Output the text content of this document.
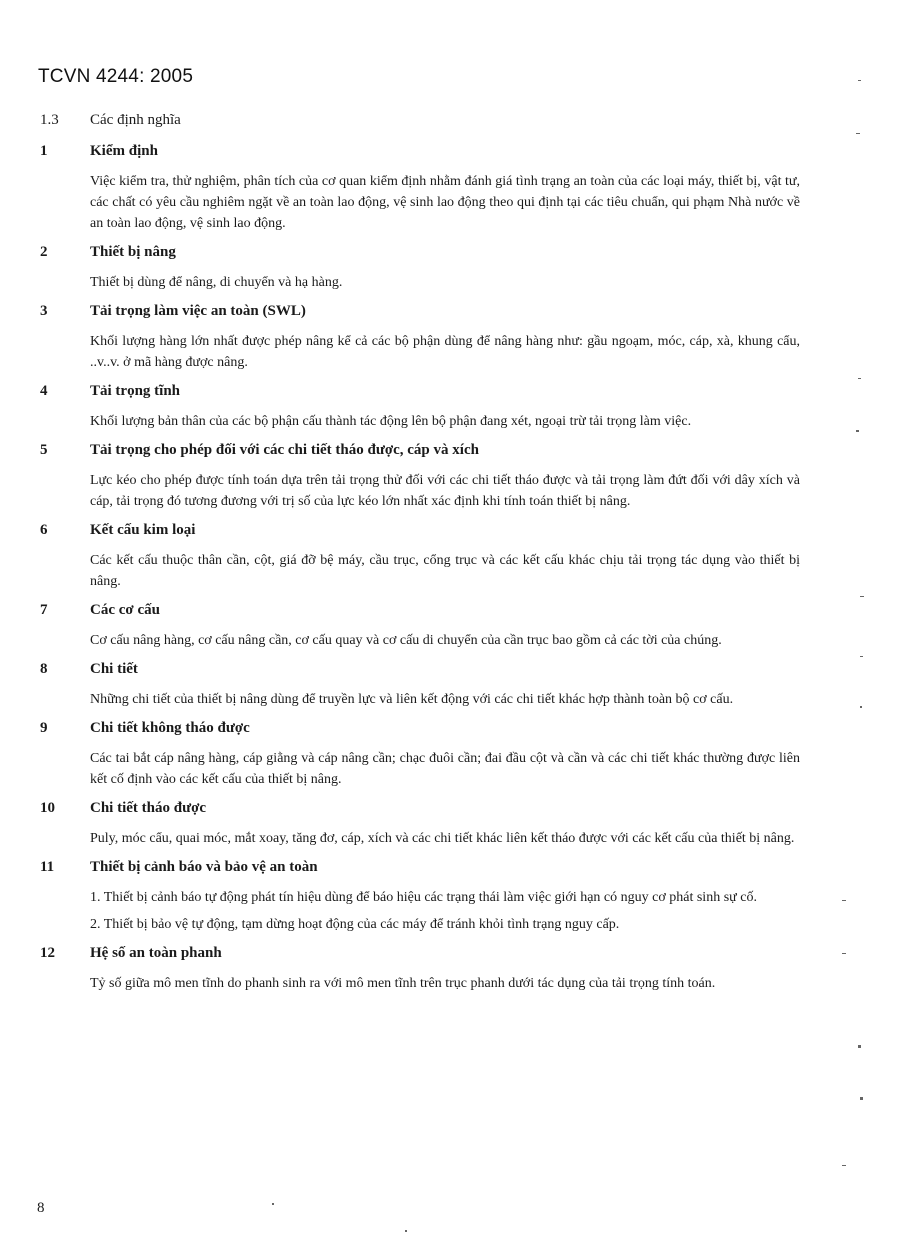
TCVN 4244: 2005
1.3 Các định nghĩa
1	Kiểm định

Việc kiểm tra, thử nghiệm, phân tích của cơ quan kiểm định nhằm đánh giá tình trạng an toàn của các loại máy, thiết bị, vật tư, các chất có yêu cầu nghiêm ngặt về an toàn lao động, vệ sinh lao động theo qui định tại các tiêu chuẩn, qui phạm Nhà nước về an toàn lao động, vệ sinh lao động.

2	Thiết bị nâng

Thiết bị dùng để nâng, di chuyển và hạ hàng.

3	Tải trọng làm việc an toàn (SWL)

Khối lượng hàng lớn nhất được phép nâng kể cả các bộ phận dùng để nâng hàng như: gầu ngoạm, móc, cáp, xà, khung cẩu, ..v..v. ở mã hàng được nâng.

4	Tải trọng tĩnh

Khối lượng bản thân của các bộ phận cấu thành tác động lên bộ phận đang xét, ngoại trừ tải trọng làm việc.

5	Tải trọng cho phép đối với các chi tiết tháo được, cáp và xích

Lực kéo cho phép được tính toán dựa trên tải trọng thử đối với các chi tiết tháo được và tải trọng làm đứt đối với dây xích và cáp, tải trọng đó tương đương với trị số của lực kéo lớn nhất xác định khi tính toán thiết bị nâng.

6	Kết cấu kim loại

Các kết cấu thuộc thân cần, cột, giá đỡ bệ máy, cầu trục, cổng trục và các kết cấu khác chịu tải trọng tác dụng vào thiết bị nâng.

7	Các cơ cấu

Cơ cấu nâng hàng, cơ cấu nâng cần, cơ cấu quay và cơ cấu di chuyển của cần trục bao gồm cả các tời của chúng.

8	Chi tiết

Những chi tiết của thiết bị nâng dùng để truyền lực và liên kết động với các chi tiết khác hợp thành toàn bộ cơ cấu.

9	Chi tiết không tháo được

Các tai bắt cáp nâng hàng, cáp giằng và cáp nâng cần; chạc đuôi cần; đai đầu cột và cần và các chi tiết khác thường được liên kết cố định vào các kết cấu của thiết bị nâng.

10 Chi tiết tháo được

Puly, móc cẩu, quai móc, mắt xoay, tăng đơ, cáp, xích và các chi tiết khác liên kết tháo được với các kết cấu của thiết bị nâng.

11 Thiết bị cảnh báo và bảo vệ an toàn

1. Thiết bị cảnh báo tự động phát tín hiệu dùng để báo hiệu các trạng thái làm việc giới hạn có nguy cơ phát sinh sự cố.

2. Thiết bị bảo vệ tự động, tạm dừng hoạt động của các máy để tránh khỏi tình trạng nguy cấp.

12 Hệ số an toàn phanh

Tỷ số giữa mô men tĩnh do phanh sinh ra với mô men tĩnh trên trục phanh dưới tác dụng của tải trọng tính toán.

8
